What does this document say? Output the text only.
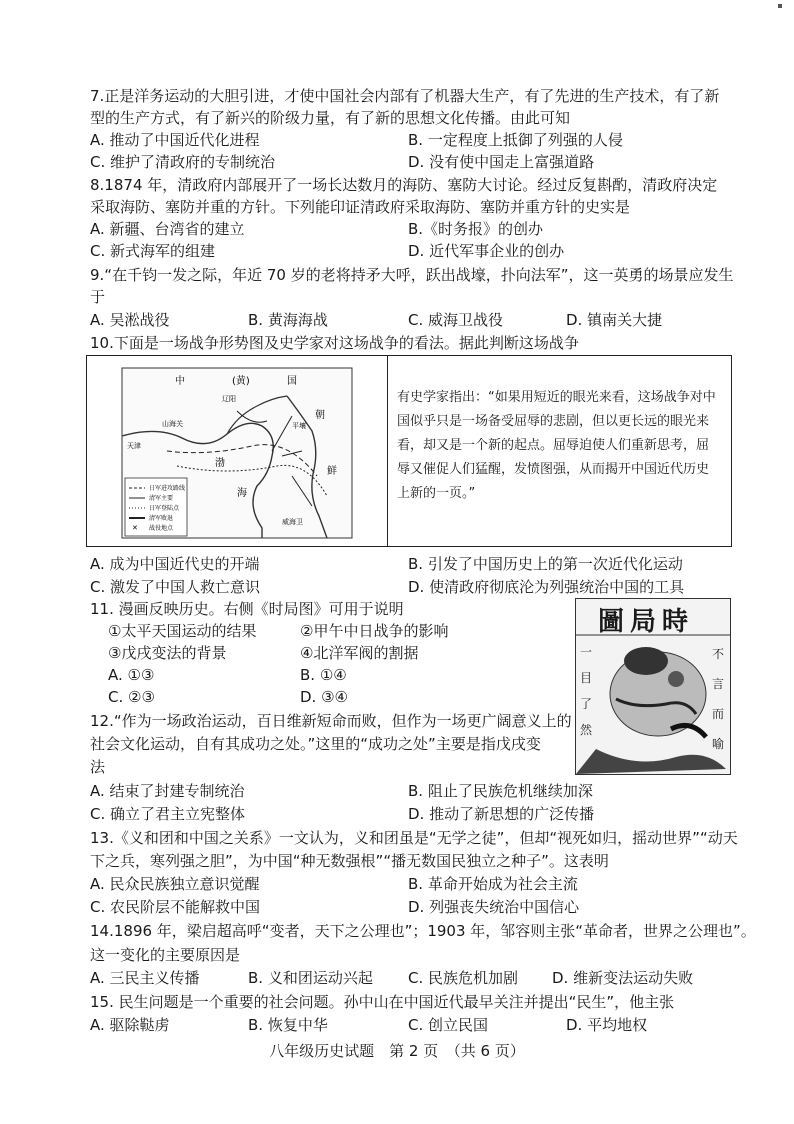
7.正是洋务运动的大胆引进，才使中国社会内部有了机器大生产，有了先进的生产技术，有了新
型的生产方式，有了新兴的阶级力量，有了新的思想文化传播。由此可知
A. 推动了中国近代化进程	B. 一定程度上抵御了列强的人侵
C. 维护了清政府的专制统治	D. 没有使中国走上富强道路
8.1874 年，清政府内部展开了一场长达数月的海防、塞防大讨论。经过反复斟酌，清政府决定
采取海防、塞防并重的方针。下列能印证清政府采取海防、塞防并重方针的史实是
A. 新疆、台湾省的建立	B.《时务报》的创办
C. 新式海军的组建	D. 近代军事企业的创办
9.“在千钧一发之际，年近 70 岁的老将持矛大呼，跃出战壕，扑向法军”，这一英勇的场景应发生
于
A. 吴淞战役	B. 黄海海战	C. 威海卫战役	D. 镇南关大捷
10.下面是一场战争形势图及史学家对这场战争的看法。据此判断这场战争
✕
中	(黄)	国
朝
鲜
渤
海
天津
辽阳
山海关
威海卫
平壤
日军进攻路线
清军主要
日军登陆点
清军败退
战役地点
有史学家指出：“如果用短近的眼光来看，这场战争对中国似乎只是一场备受屈辱的悲剧，但以更长远的眼光来看，却又是一个新的起点。屈辱迫使人们重新思考，屈辱又催促人们猛醒，发愤图强，从而揭开中国近代历史上新的一页。”
A. 成为中国近代史的开端	B. 引发了中国历史上的第一次近代化运动
C. 激发了中国人救亡意识	D. 使清政府彻底沦为列强统治中国的工具
11. 漫画反映历史。右侧《时局图》可用于说明
①太平天国运动的结果	②甲午中日战争的影响
③戊戌变法的背景	④北洋军阀的割据
A. ①③	B. ①④
C. ②③	D. ③④
圖局時
一目了然
不言而喻
12.“作为一场政治运动，百日维新短命而败，但作为一场更广阔意义上的
社会文化运动，自有其成功之处。”这里的“成功之处”主要是指戊戌变
法
A. 结束了封建专制统治	B. 阻止了民族危机继续加深
C. 确立了君主立宪整体	D. 推动了新思想的广泛传播
13.《义和团和中国之关系》一文认为，义和团虽是“无学之徒”，但却“视死如归，摇动世界”“动天
下之兵，寒列强之胆”，为中国“种无数强根”“播无数国民独立之种子”。这表明
A. 民众民族独立意识觉醒	B. 革命开始成为社会主流
C. 农民阶层不能解救中国	D. 列强丧失统治中国信心
14.1896 年，梁启超高呼“变者，天下之公理也”；1903 年，邹容则主张“革命者，世界之公理也”。
这一变化的主要原因是
A. 三民主义传播	B. 义和团运动兴起 C. 民族危机加剧 D. 维新变法运动失败
15. 民生问题是一个重要的社会问题。孙中山在中国近代最早关注并提出“民生”，他主张
A. 驱除鞑虏	B. 恢复中华	C. 创立民国	D. 平均地权
八年级历史试题　第 2 页　（共 6 页）
